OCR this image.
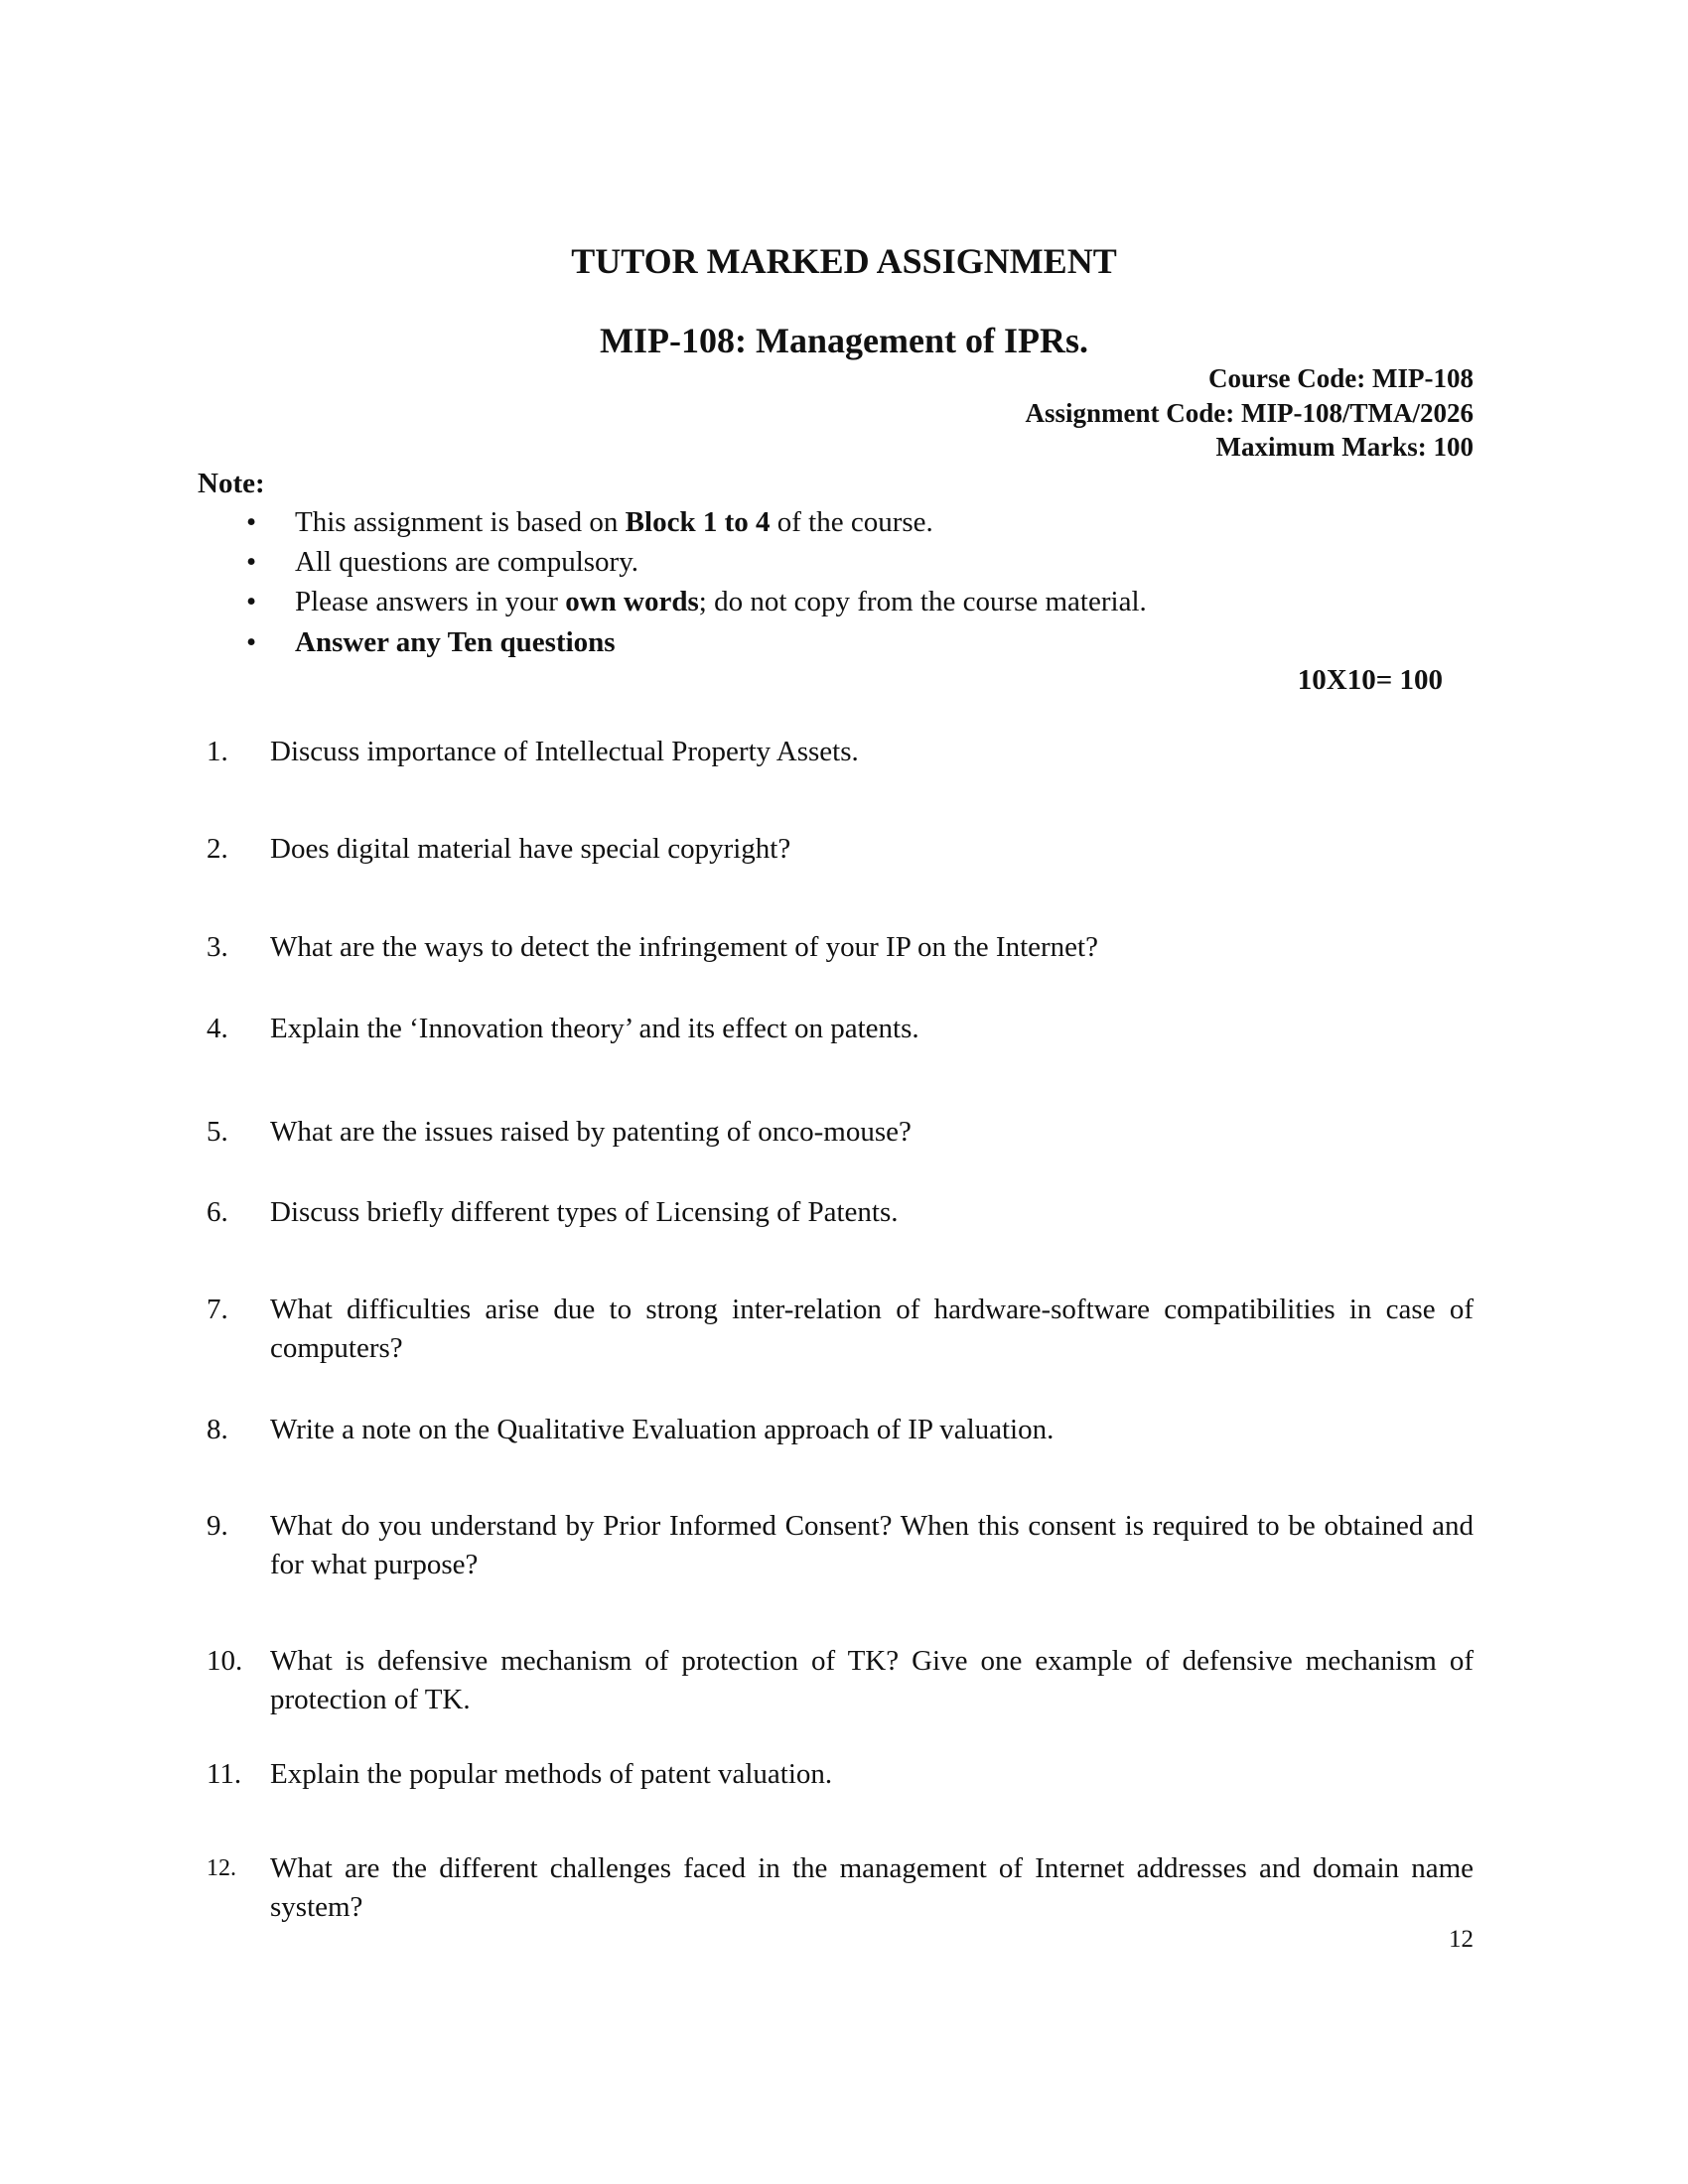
TUTOR MARKED ASSIGNMENT
MIP-108: Management of IPRs.
Course Code: MIP-108
Assignment Code: MIP-108/TMA/2026
Maximum Marks: 100
Note:
• This assignment is based on Block 1 to 4 of the course.
• All questions are compulsory.
• Please answers in your own words; do not copy from the course material.
• Answer any Ten questions
10X10= 100
1. Discuss importance of Intellectual Property Assets.
2. Does digital material have special copyright?
3. What are the ways to detect the infringement of your IP on the Internet?
4. Explain the ‘Innovation theory’ and its effect on patents.
5. What are the issues raised by patenting of onco-mouse?
6. Discuss briefly different types of Licensing of Patents.
7. What difficulties arise due to strong inter-relation of hardware-software compatibilities in case of computers?
8. Write a note on the Qualitative Evaluation approach of IP valuation.
9. What do you understand by Prior Informed Consent? When this consent is required to be obtained and for what purpose?
10. What is defensive mechanism of protection of TK? Give one example of defensive mechanism of protection of TK.
11. Explain the popular methods of patent valuation.
12. What are the different challenges faced in the management of Internet addresses and domain name system?
12
